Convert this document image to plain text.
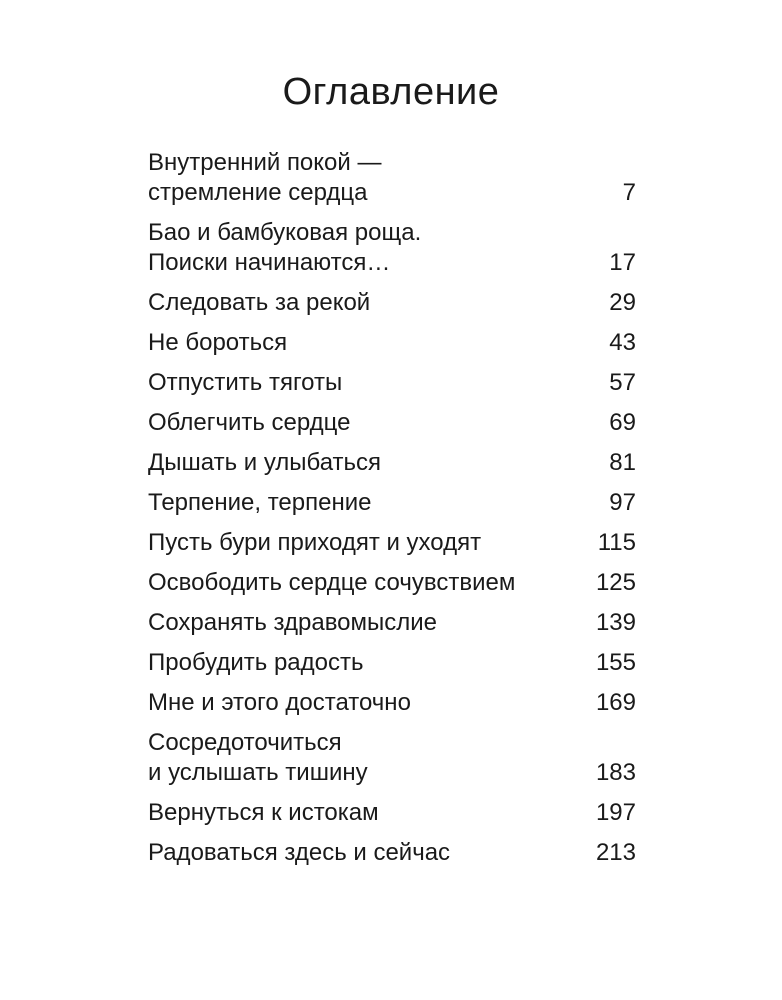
Оглавление
Внутренний покой —
стремление сердца	7
Бао и бамбуковая роща.
Поиски начинаются…	17
Следовать за рекой	29
Не бороться	43
Отпустить тяготы	57
Облегчить сердце	69
Дышать и улыбаться	81
Терпение, терпение	97
Пусть бури приходят и уходят	115
Освободить сердце сочувствием	125
Сохранять здравомыслие	139
Пробудить радость	155
Мне и этого достаточно	169
Сосредоточиться
и услышать тишину	183
Вернуться к истокам	197
Радоваться здесь и сейчас	213
